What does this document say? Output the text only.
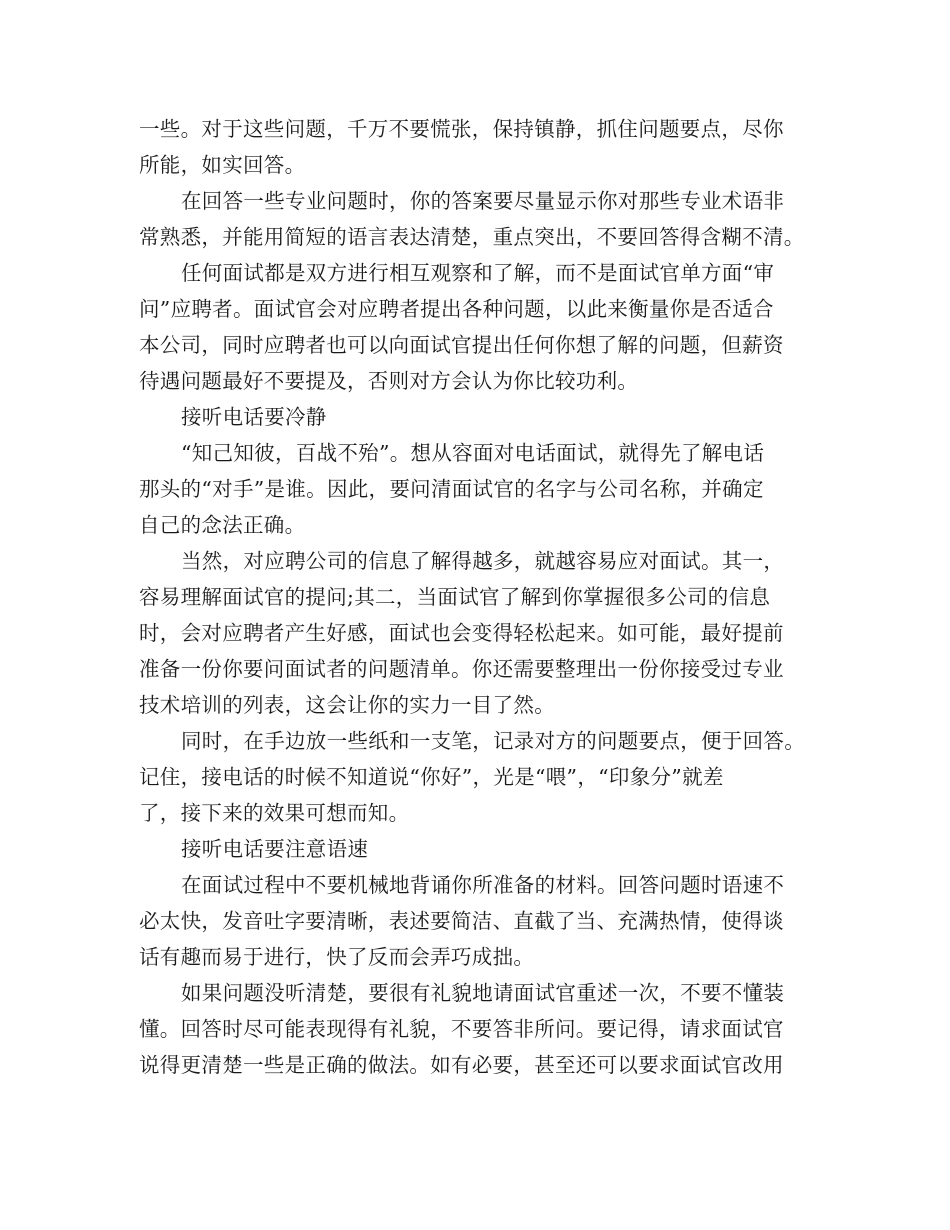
一些。对于这些问题，千万不要慌张，保持镇静，抓住问题要点，尽你
所能，如实回答。
在回答一些专业问题时，你的答案要尽量显示你对那些专业术语非
常熟悉，并能用简短的语言表达清楚，重点突出，不要回答得含糊不清。
任何面试都是双方进行相互观察和了解，而不是面试官单方面“审
问”应聘者。面试官会对应聘者提出各种问题，以此来衡量你是否适合
本公司，同时应聘者也可以向面试官提出任何你想了解的问题，但薪资
待遇问题最好不要提及，否则对方会认为你比较功利。
接听电话要冷静
“知己知彼，百战不殆”。想从容面对电话面试，就得先了解电话
那头的“对手”是谁。因此，要问清面试官的名字与公司名称，并确定
自己的念法正确。
当然，对应聘公司的信息了解得越多，就越容易应对面试。其一，
容易理解面试官的提问;其二，当面试官了解到你掌握很多公司的信息
时，会对应聘者产生好感，面试也会变得轻松起来。如可能，最好提前
准备一份你要问面试者的问题清单。你还需要整理出一份你接受过专业
技术培训的列表，这会让你的实力一目了然。
同时，在手边放一些纸和一支笔，记录对方的问题要点，便于回答。
记住，接电话的时候不知道说“你好”，光是“喂”，“印象分”就差
了，接下来的效果可想而知。
接听电话要注意语速
在面试过程中不要机械地背诵你所准备的材料。回答问题时语速不
必太快，发音吐字要清晰，表述要简洁、直截了当、充满热情，使得谈
话有趣而易于进行，快了反而会弄巧成拙。
如果问题没听清楚，要很有礼貌地请面试官重述一次，不要不懂装
懂。回答时尽可能表现得有礼貌，不要答非所问。要记得，请求面试官
说得更清楚一些是正确的做法。如有必要，甚至还可以要求面试官改用
